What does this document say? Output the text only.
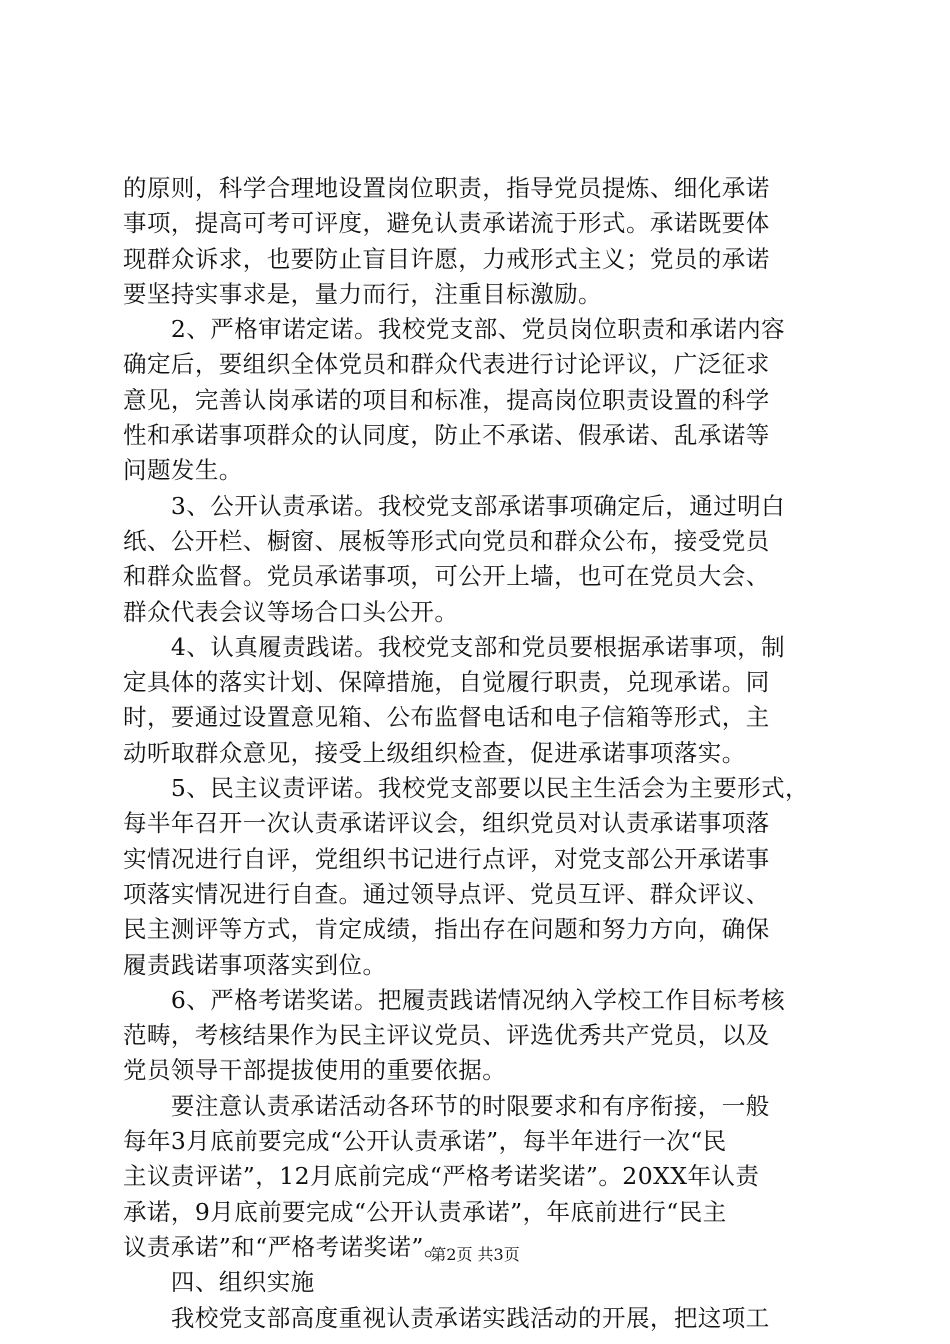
的原则，科学合理地设置岗位职责，指导党员提炼、细化承诺
事项，提高可考可评度，避免认责承诺流于形式。承诺既要体
现群众诉求，也要防止盲目许愿，力戒形式主义；党员的承诺
要坚持实事求是，量力而行，注重目标激励。
　　2、严格审诺定诺。我校党支部、党员岗位职责和承诺内容
确定后，要组织全体党员和群众代表进行讨论评议，广泛征求
意见，完善认岗承诺的项目和标准，提高岗位职责设置的科学
性和承诺事项群众的认同度，防止不承诺、假承诺、乱承诺等
问题发生。
　　3、公开认责承诺。我校党支部承诺事项确定后，通过明白
纸、公开栏、橱窗、展板等形式向党员和群众公布，接受党员
和群众监督。党员承诺事项，可公开上墙，也可在党员大会、
群众代表会议等场合口头公开。
　　4、认真履责践诺。我校党支部和党员要根据承诺事项，制
定具体的落实计划、保障措施，自觉履行职责，兑现承诺。同
时，要通过设置意见箱、公布监督电话和电子信箱等形式，主
动听取群众意见，接受上级组织检查，促进承诺事项落实。
　　5、民主议责评诺。我校党支部要以民主生活会为主要形式，
每半年召开一次认责承诺评议会，组织党员对认责承诺事项落
实情况进行自评，党组织书记进行点评，对党支部公开承诺事
项落实情况进行自查。通过领导点评、党员互评、群众评议、
民主测评等方式，肯定成绩，指出存在问题和努力方向，确保
履责践诺事项落实到位。
　　6、严格考诺奖诺。把履责践诺情况纳入学校工作目标考核
范畴，考核结果作为民主评议党员、评选优秀共产党员，以及
党员领导干部提拔使用的重要依据。
　　要注意认责承诺活动各环节的时限要求和有序衔接，一般
每年3月底前要完成“公开认责承诺”，每半年进行一次“民
主议责评诺”，12月底前完成“严格考诺奖诺”。20XX年认责
承诺，9月底前要完成“公开认责承诺”，年底前进行“民主
议责承诺”和“严格考诺奖诺”。
　　四、组织实施
　　我校党支部高度重视认责承诺实践活动的开展，把这项工
第2页 共3页
